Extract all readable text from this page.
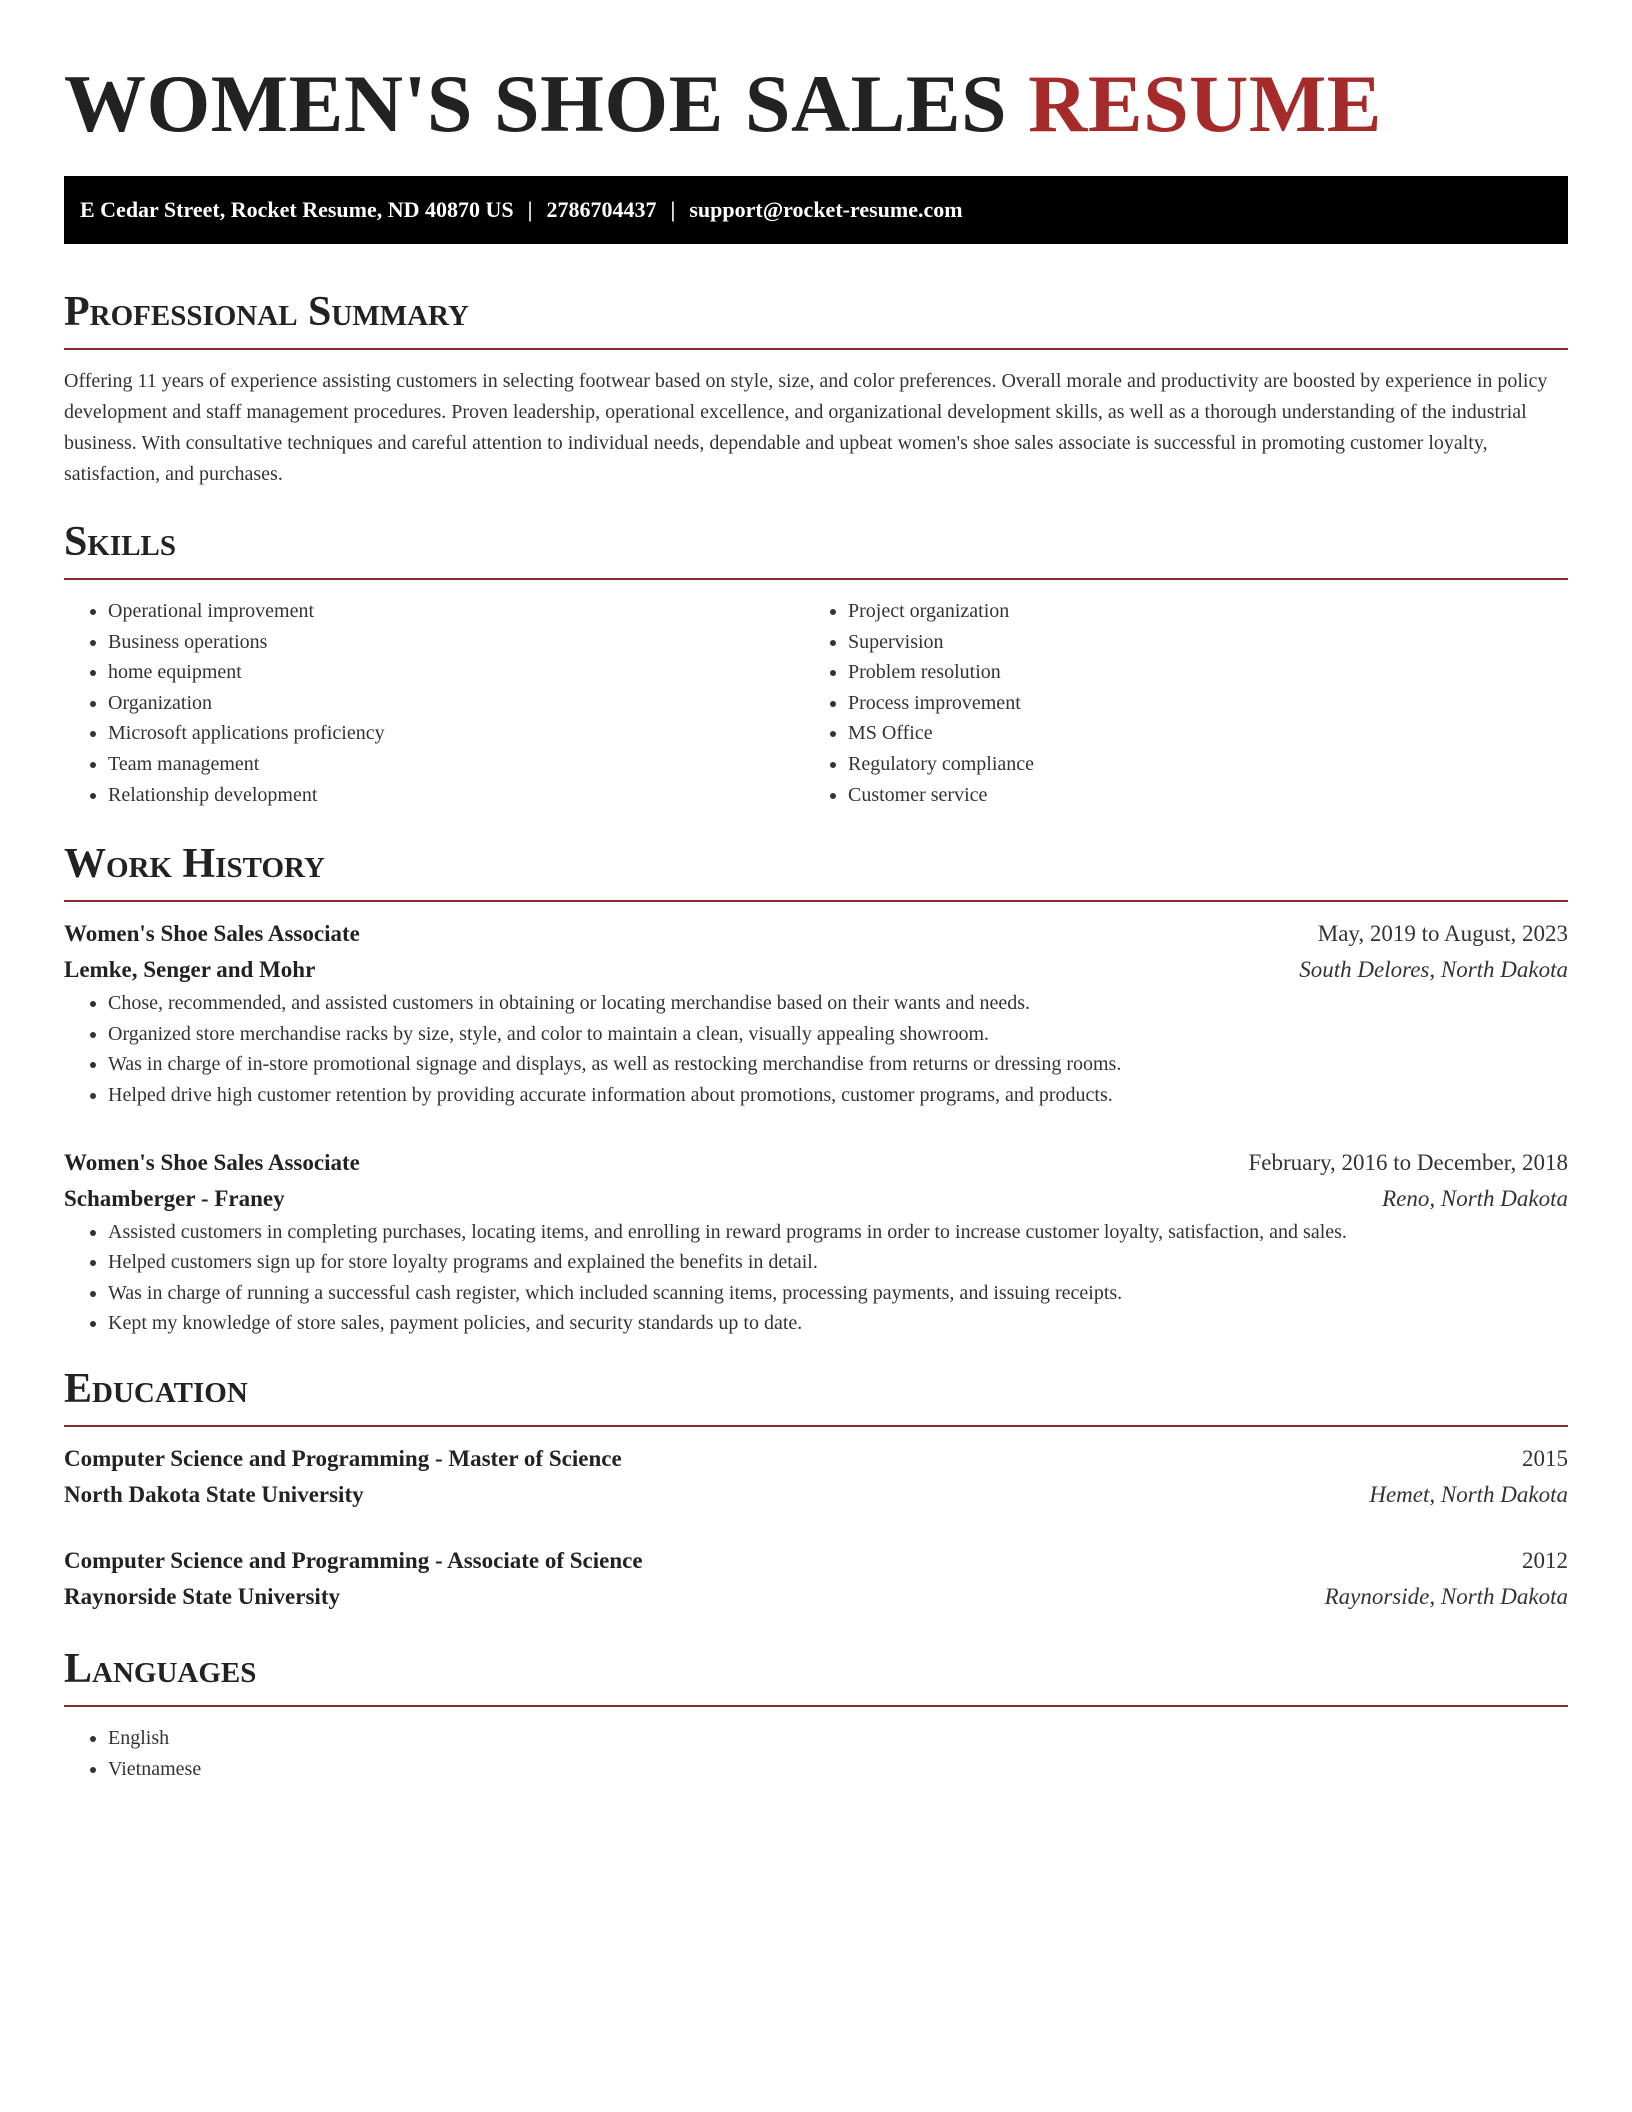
WOMEN'S SHOE SALES RESUME
E Cedar Street, Rocket Resume, ND 40870 US | 2786704437 | support@rocket-resume.com
Professional Summary

Offering 11 years of experience assisting customers in selecting footwear based on style, size, and color preferences. Overall morale and productivity are boosted by experience in policy development and staff management procedures. Proven leadership, operational excellence, and organizational development skills, as well as a thorough understanding of the industrial business. With consultative techniques and careful attention to individual needs, dependable and upbeat women's shoe sales associate is successful in promoting customer loyalty, satisfaction, and purchases.

Skills
• Operational improvement
• Business operations
• home equipment
• Organization
• Microsoft applications proficiency
• Team management
• Relationship development
• Project organization
• Supervision
• Problem resolution
• Process improvement
• MS Office
• Regulatory compliance
• Customer service
Work History
Women's Shoe Sales Associate	May, 2019 to August, 2023
Lemke, Senger and Mohr	South Delores, North Dakota
• Chose, recommended, and assisted customers in obtaining or locating merchandise based on their wants and needs.
• Organized store merchandise racks by size, style, and color to maintain a clean, visually appealing showroom.
• Was in charge of in-store promotional signage and displays, as well as restocking merchandise from returns or dressing rooms.
• Helped drive high customer retention by providing accurate information about promotions, customer programs, and products.
Women's Shoe Sales Associate	February, 2016 to December, 2018
Schamberger - Franey	Reno, North Dakota
• Assisted customers in completing purchases, locating items, and enrolling in reward programs in order to increase customer loyalty, satisfaction, and sales.
• Helped customers sign up for store loyalty programs and explained the benefits in detail.
• Was in charge of running a successful cash register, which included scanning items, processing payments, and issuing receipts.
• Kept my knowledge of store sales, payment policies, and security standards up to date.
Education
Computer Science and Programming - Master of Science	2015
North Dakota State University	Hemet, North Dakota
Computer Science and Programming - Associate of Science	2012
Raynorside State University	Raynorside, North Dakota
Languages
• English
• Vietnamese
